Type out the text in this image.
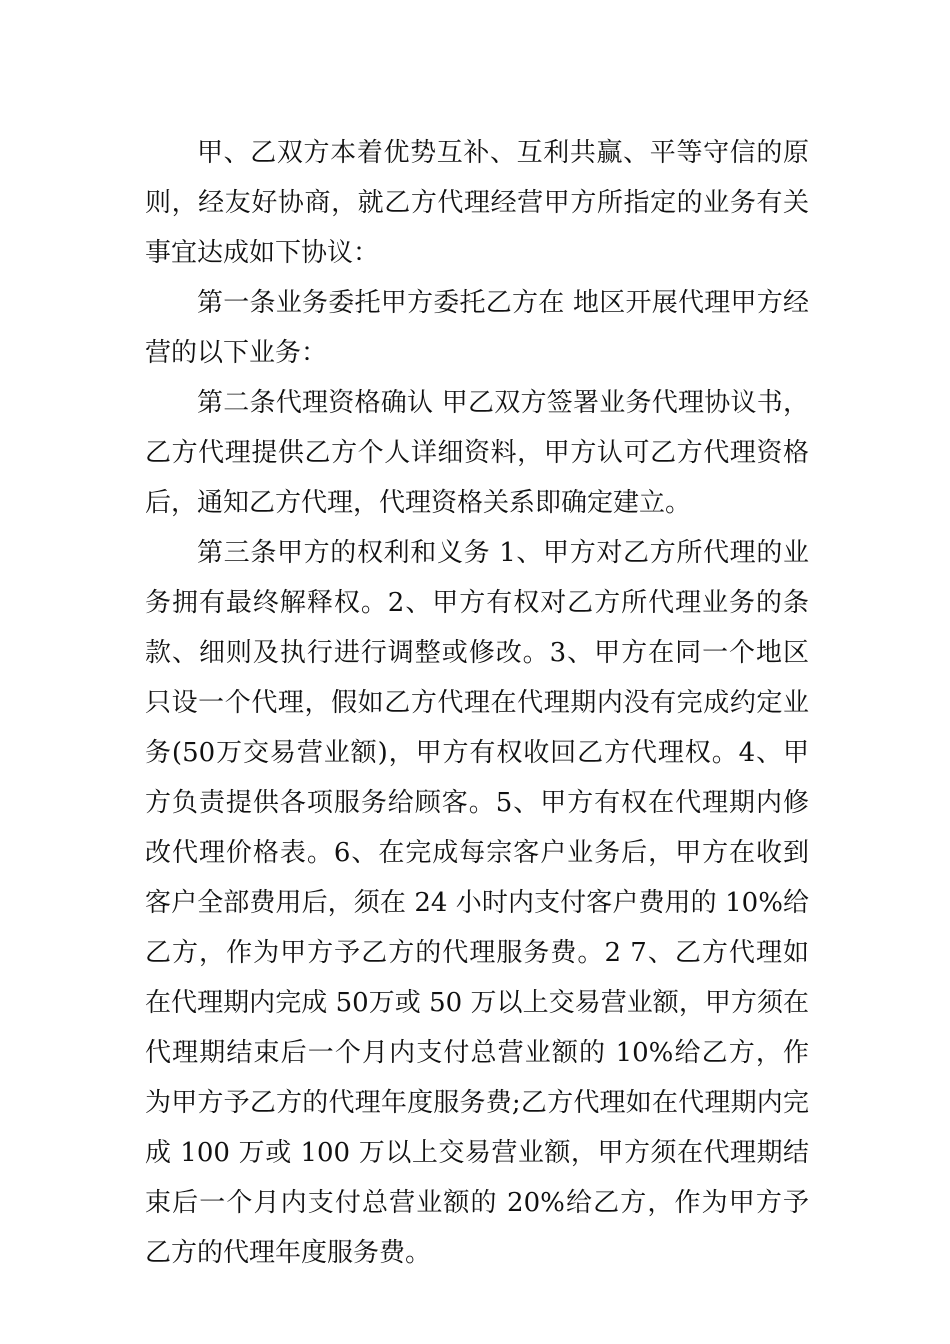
甲、乙双方本着优势互补、互利共赢、平等守信的原则，经友好协商，就乙方代理经营甲方所指定的业务有关事宜达成如下协议：

第一条业务委托甲方委托乙方在 地区开展代理甲方经营的以下业务：

第二条代理资格确认 甲乙双方签署业务代理协议书，乙方代理提供乙方个人详细资料，甲方认可乙方代理资格后，通知乙方代理，代理资格关系即确定建立。

第三条甲方的权利和义务 1、甲方对乙方所代理的业务拥有最终解释权。2、甲方有权对乙方所代理业务的条款、细则及执行进行调整或修改。3、甲方在同一个地区只设一个代理，假如乙方代理在代理期内没有完成约定业务(50万交易营业额)，甲方有权收回乙方代理权。4、甲方负责提供各项服务给顾客。5、甲方有权在代理期内修改代理价格表。6、在完成每宗客户业务后，甲方在收到客户全部费用后，须在 24 小时内支付客户费用的 10%给乙方，作为甲方予乙方的代理服务费。2 7、乙方代理如在代理期内完成 50万或 50 万以上交易营业额，甲方须在代理期结束后一个月内支付总营业额的 10%给乙方，作为甲方予乙方的代理年度服务费;乙方代理如在代理期内完成 100 万或 100 万以上交易营业额，甲方须在代理期结束后一个月内支付总营业额的 20%给乙方，作为甲方予乙方的代理年度服务费。
